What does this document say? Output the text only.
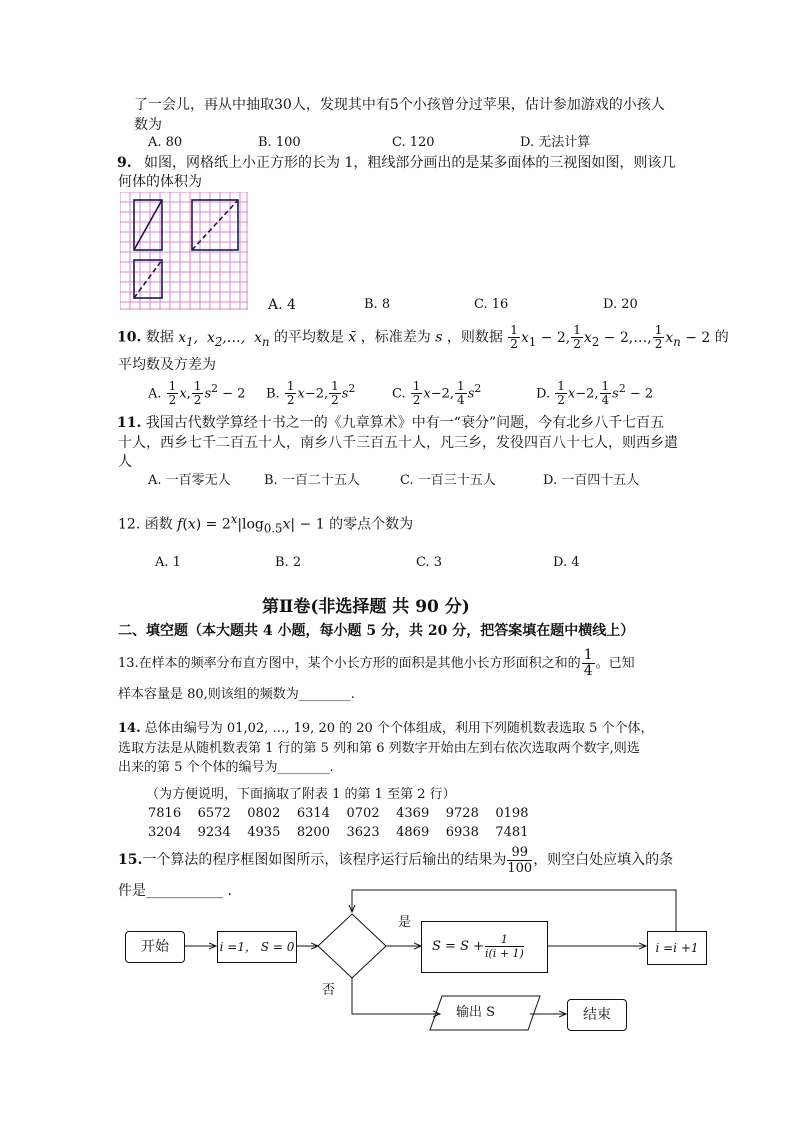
了一会儿，再从中抽取30人，发现其中有5个小孩曾分过苹果，估计参加游戏的小孩人
数为
A. 80	B. 100	C. 120	D. 无法计算
9. 如图，网格纸上小正方形的长为 1，粗线部分画出的是某多面体的三视图如图，则该几
何体的体积为
A. 4	B. 8	C. 16	D. 20
10. 数据 $x_1$,  $x_2,\dots$,  $x_n$ 的平均数是 x̄ ，标准差为 s ，则数据 $\frac{1}{2} x_1 - 2$, $\frac{1}{2} x_2$ − 2,…, $\frac{1}{2} x_n - 2$ 的
平均数及方差为
A. $\frac{1}{2} x$, $\frac{1}{2} s^2 - 2$ B. $\frac{1}{2} x-2$, $\frac{1}{2} s^2$	C. $\frac{1}{2} x-2$, $\frac{1}{4} s^2$	D. $\frac{1}{2} x-2$, $\frac{1}{4} s^2 - 2$
11. 我国古代数学算经十书之一的《九章算术》中有一“衰分”问题，今有北乡八千七百五
十人，西乡七千二百五十人，南乡八千三百五十人，凡三乡，发役四百八十七人，则西乡遣
人
A. 一百零无人	B. 一百二十五人	C. 一百三十五人	D. 一百四十五人
12. 函数 $f(x) = 2^x|\log_{0.5}x| - 1$ 的零点个数为
A. 1	B. 2	C. 3	D. 4
第Ⅱ卷(非选择题 共 90 分)
二、填空题（本大题共 4 小题，每小题 5 分，共 20 分，把答案填在题中横线上）
13.在样本的频率分布直方图中，某个小长方形的面积是其他小长方形面积之和的 $\frac{1}{4}$ 。已知
样本容量是 80,则该组的频数为________.
14. 总体由编号为 01,02, …, 19, 20 的 20 个个体组成，利用下列随机数表选取 5 个个体，
选取方法是从随机数表第 1 行的第 5 列和第 6 列数字开始由左到右依次选取两个数字,则选
出来的第 5 个个体的编号为________.
（为方便说明，下面摘取了附表 1 的第 1 至第 2 行）
7816 6572 0802 6314 0702 4369 9728 0198
3204 9234 4935 8200 3623 4869 6938 7481
15.一个算法的程序框图如图所示，该程序运行后输出的结果为 $\frac{99}{100}$ ，则空白处应填入的条
件是___________ .
开始	i =1， S = 0
是
否
$S = S + \frac{1}{i(i + 1)}$	i =i +1
输出 S	结束
